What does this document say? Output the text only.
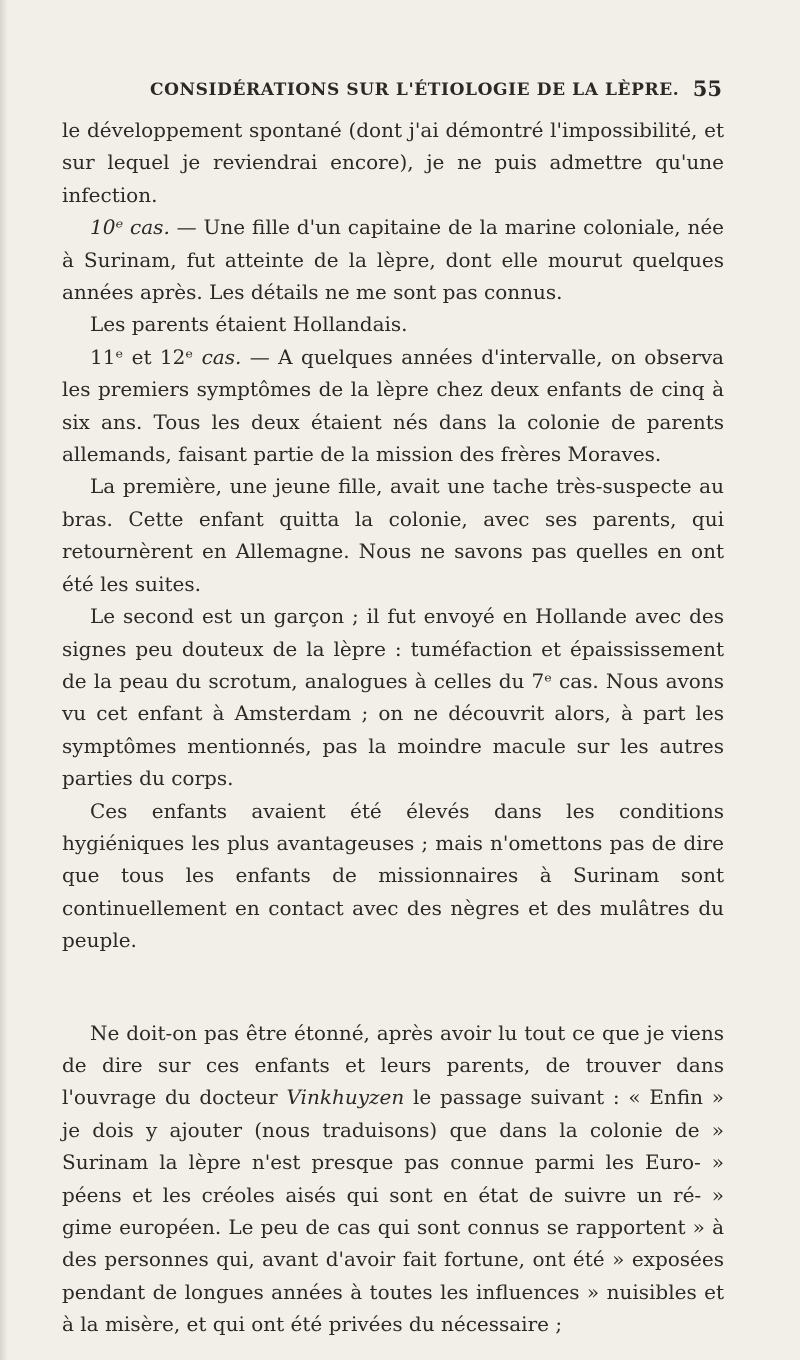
CONSIDÉRATIONS SUR L'ÉTIOLOGIE DE LA LÈPRE. 55

le développement spontané (dont j'ai démontré l'impossibilité, et sur lequel je reviendrai encore), je ne puis admettre qu'une infection.

10ᵉ cas. — Une fille d'un capitaine de la marine coloniale, née à Surinam, fut atteinte de la lèpre, dont elle mourut quelques années après. Les détails ne me sont pas connus.

Les parents étaient Hollandais.

11ᵉ et 12ᵉ cas. — A quelques années d'intervalle, on observa les premiers symptômes de la lèpre chez deux enfants de cinq à six ans. Tous les deux étaient nés dans la colonie de parents allemands, faisant partie de la mission des frères Moraves.

La première, une jeune fille, avait une tache très-suspecte au bras. Cette enfant quitta la colonie, avec ses parents, qui retournèrent en Allemagne. Nous ne savons pas quelles en ont été les suites.

Le second est un garçon ; il fut envoyé en Hollande avec des signes peu douteux de la lèpre : tuméfaction et épaississement de la peau du scrotum, analogues à celles du 7ᵉ cas. Nous avons vu cet enfant à Amsterdam ; on ne découvrit alors, à part les symptômes mentionnés, pas la moindre macule sur les autres parties du corps.

Ces enfants avaient été élevés dans les conditions hygiéniques les plus avantageuses ; mais n'omettons pas de dire que tous les enfants de missionnaires à Surinam sont continuellement en contact avec des nègres et des mulâtres du peuple.

Ne doit-on pas être étonné, après avoir lu tout ce que je viens de dire sur ces enfants et leurs parents, de trouver dans l'ouvrage du docteur Vinkhuyzen le passage suivant : « Enfin » je dois y ajouter (nous traduisons) que dans la colonie de » Surinam la lèpre n'est presque pas connue parmi les Euro- » péens et les créoles aisés qui sont en état de suivre un ré- » gime européen. Le peu de cas qui sont connus se rapportent » à des personnes qui, avant d'avoir fait fortune, ont été » exposées pendant de longues années à toutes les influences » nuisibles et à la misère, et qui ont été privées du nécessaire ;
